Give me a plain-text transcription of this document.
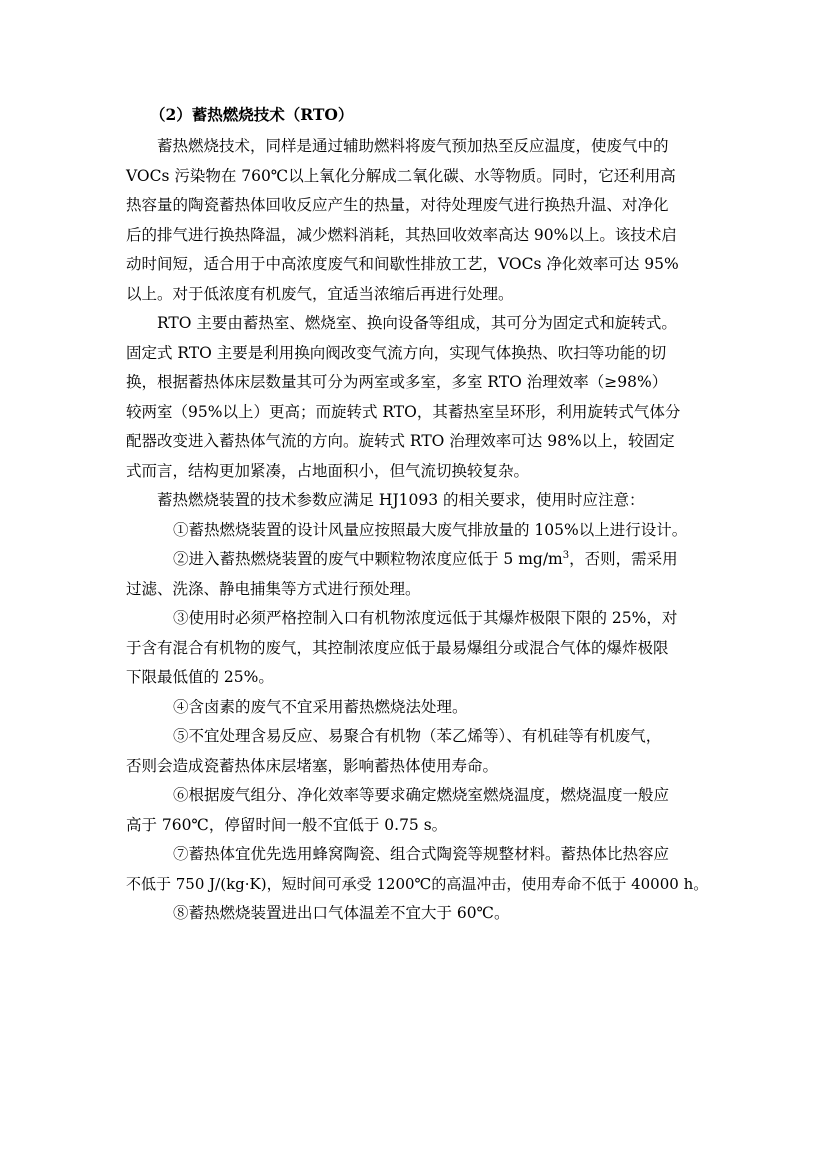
（2）蓄热燃烧技术（RTO）
蓄热燃烧技术，同样是通过辅助燃料将废气预加热至反应温度，使废气中的
VOCs 污染物在 760℃以上氧化分解成二氧化碳、水等物质。同时，它还利用高
热容量的陶瓷蓄热体回收反应产生的热量，对待处理废气进行换热升温、对净化
后的排气进行换热降温，减少燃料消耗，其热回收效率高达 90%以上。该技术启
动时间短，适合用于中高浓度废气和间歇性排放工艺，VOCs 净化效率可达 95%
以上。对于低浓度有机废气，宜适当浓缩后再进行处理。
RTO 主要由蓄热室、燃烧室、换向设备等组成，其可分为固定式和旋转式。
固定式 RTO 主要是利用换向阀改变气流方向，实现气体换热、吹扫等功能的切
换，根据蓄热体床层数量其可分为两室或多室，多室 RTO 治理效率（≥98%）
较两室（95%以上）更高；而旋转式 RTO，其蓄热室呈环形，利用旋转式气体分
配器改变进入蓄热体气流的方向。旋转式 RTO 治理效率可达 98%以上，较固定
式而言，结构更加紧凑，占地面积小，但气流切换较复杂。
蓄热燃烧装置的技术参数应满足 HJ1093 的相关要求，使用时应注意：
①蓄热燃烧装置的设计风量应按照最大废气排放量的 105%以上进行设计。
②进入蓄热燃烧装置的废气中颗粒物浓度应低于 5 $mg/m^3$，否则，需采用
过滤、洗涤、静电捕集等方式进行预处理。
③使用时必须严格控制入口有机物浓度远低于其爆炸极限下限的 25%，对
于含有混合有机物的废气，其控制浓度应低于最易爆组分或混合气体的爆炸极限
下限最低值的 25%。
④含卤素的废气不宜采用蓄热燃烧法处理。
⑤不宜处理含易反应、易聚合有机物（苯乙烯等）、有机硅等有机废气，
否则会造成瓷蓄热体床层堵塞，影响蓄热体使用寿命。
⑥根据废气组分、净化效率等要求确定燃烧室燃烧温度，燃烧温度一般应
高于 760℃，停留时间一般不宜低于 0.75 s。
⑦蓄热体宜优先选用蜂窝陶瓷、组合式陶瓷等规整材料。蓄热体比热容应
不低于 750 J/(kg·K)，短时间可承受 1200℃的高温冲击，使用寿命不低于 40000 h。
⑧蓄热燃烧装置进出口气体温差不宜大于 60℃。
